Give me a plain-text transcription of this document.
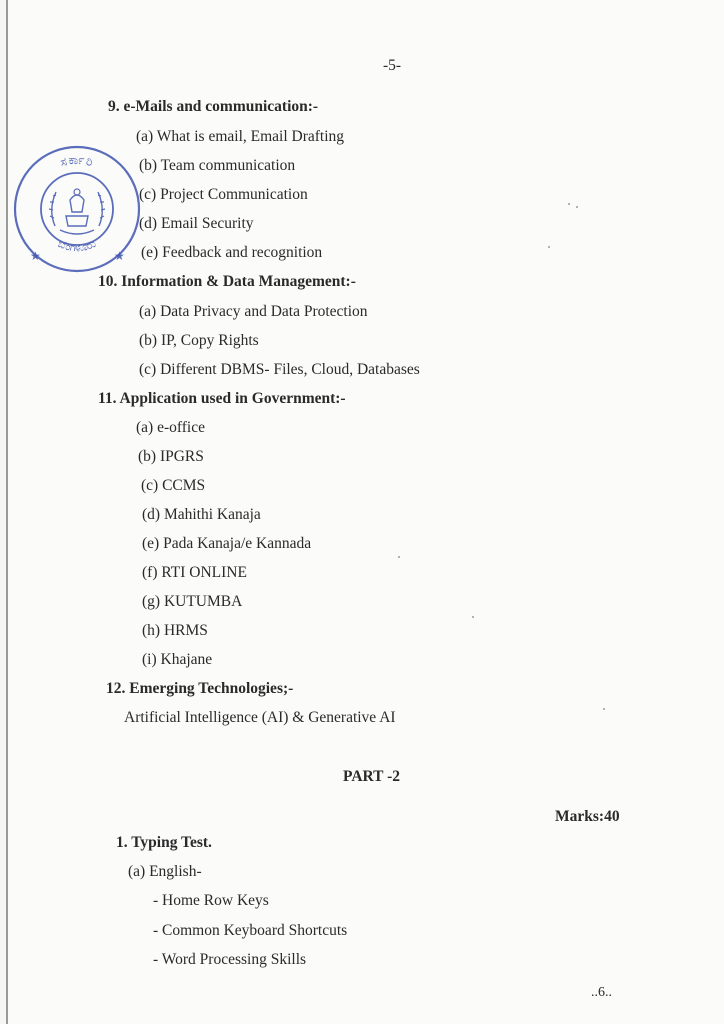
-5-
9. e-Mails and communication:-
(a) What is email, Email Drafting
(b) Team communication
(c) Project Communication
(d) Email Security
(e) Feedback and recognition
10. Information & Data Management:-
(a) Data Privacy and Data Protection
(b) IP, Copy Rights
(c) Different DBMS- Files, Cloud, Databases
11. Application used in Government:-
(a) e-office
(b) IPGRS
(c) CCMS
(d) Mahithi Kanaja
(e) Pada Kanaja/e Kannada
(f) RTI ONLINE
(g) KUTUMBA
(h) HRMS
(i) Khajane
12. Emerging Technologies;-
Artificial Intelligence (AI) & Generative AI
PART -2
Marks:40
1. Typing Test.
(a) English-
- Home Row Keys
- Common Keyboard Shortcuts
- Word Processing Skills
..6..
ಸರ್ಕಾರಿ
ಬೆಂಗಳೂರು
★	★
